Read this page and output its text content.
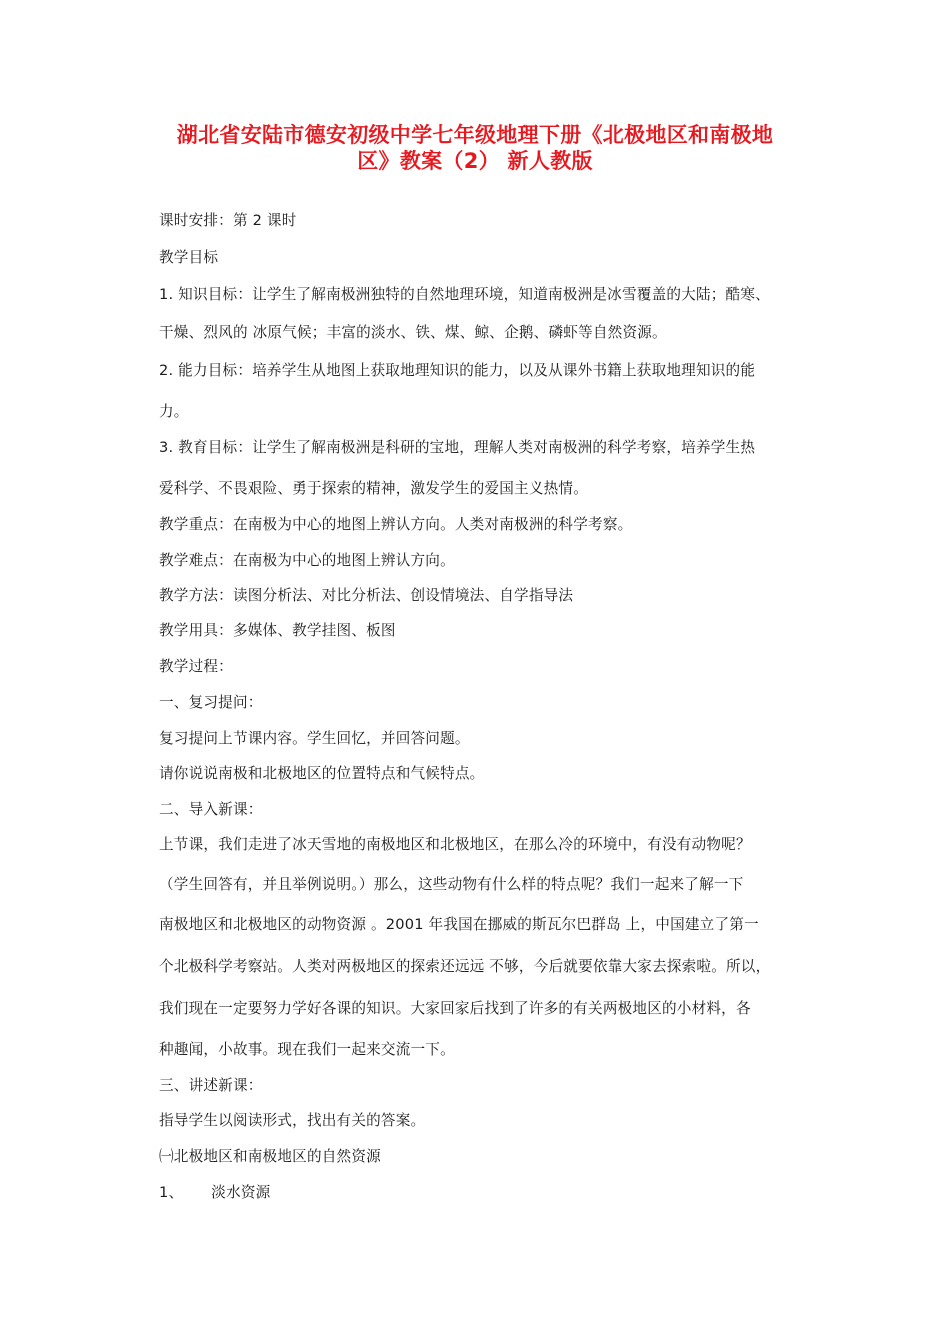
湖北省安陆市德安初级中学七年级地理下册《北极地区和南极地
区》教案（2） 新人教版
课时安排：第 2 课时
教学目标
1. 知识目标：让学生了解南极洲独特的自然地理环境，知道南极洲是冰雪覆盖的大陆；酷寒、
干燥、烈风的 冰原气候；丰富的淡水、铁、煤、鲸、企鹅、磷虾等自然资源。
2. 能力目标：培养学生从地图上获取地理知识的能力，以及从课外书籍上获取地理知识的能
力。
3. 教育目标：让学生了解南极洲是科研的宝地，理解人类对南极洲的科学考察，培养学生热
爱科学、不畏艰险、勇于探索的精神，激发学生的爱国主义热情。
教学重点：在南极为中心的地图上辨认方向。人类对南极洲的科学考察。
教学难点：在南极为中心的地图上辨认方向。
教学方法：读图分析法、对比分析法、创设情境法、自学指导法
教学用具：多媒体、教学挂图、板图
教学过程：
一、复习提问：
复习提问上节课内容。学生回忆，并回答问题。
请你说说南极和北极地区的位置特点和气候特点。
二、导入新课：
上节课，我们走进了冰天雪地的南极地区和北极地区，在那么冷的环境中，有没有动物呢？
（学生回答有，并且举例说明。）那么，这些动物有什么样的特点呢？我们一起来了解一下
南极地区和北极地区的动物资源 。2001 年我国在挪威的斯瓦尔巴群岛 上，中国建立了第一
个北极科学考察站。人类对两极地区的探索还远远 不够，今后就要依靠大家去探索啦。所以，
我们现在一定要努力学好各课的知识。大家回家后找到了许多的有关两极地区的小材料，各
种趣闻，小故事。现在我们一起来交流一下。
三、讲述新课：
指导学生以阅读形式，找出有关的答案。
㈠北极地区和南极地区的自然资源
1、 淡水资源
